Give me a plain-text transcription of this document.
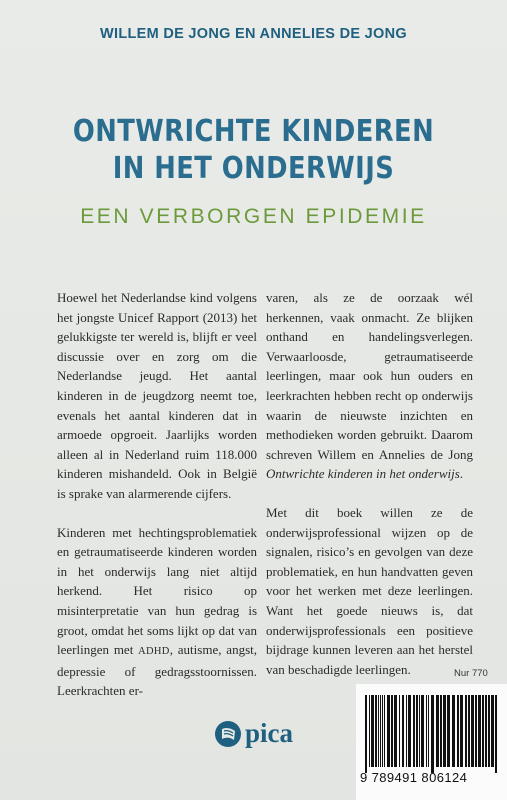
WILLEM DE JONG EN ANNELIES DE JONG
ONTWRICHTE KINDEREN
IN HET ONDERWIJS
EEN VERBORGEN EPIDEMIE

Hoewel het Nederlandse kind volgens het jongste Unicef Rapport (2013) het gelukkigste ter wereld is, blijft er veel discussie over en zorg om die Nederlandse jeugd. Het aantal kinderen in de jeugdzorg neemt toe, evenals het aantal kinderen dat in armoede opgroeit. Jaarlijks worden alleen al in Nederland ruim 118.000 kinderen mishandeld. Ook in België is sprake van alarmerende cijfers.

Kinderen met hechtingsproblematiek en getraumatiseerde kinderen worden in het onderwijs lang niet altijd herkend. Het risico op misinterpretatie van hun gedrag is groot, omdat het soms lijkt op dat van leerlingen met ADHD, autisme, angst, depressie of gedragsstoornissen. Leerkrachten er-

varen, als ze de oorzaak wél herkennen, vaak onmacht. Ze blijken onthand en handelingsverlegen. Verwaarloosde, getraumatiseerde leerlingen, maar ook hun ouders en leerkrachten hebben recht op onderwijs waarin de nieuwste inzichten en methodieken worden gebruikt. Daarom schreven Willem en Annelies de Jong Ontwrichte kinderen in het onderwijs.

Met dit boek willen ze de onderwijsprofessional wijzen op de signalen, risico’s en gevolgen van deze problematiek, en hun handvatten geven voor het werken met deze leerlingen. Want het goede nieuws is, dat onderwijsprofessionals een positieve bijdrage kunnen leveren aan het herstel van beschadigde leerlingen.	Nur 770
pica
9 789491 806124
